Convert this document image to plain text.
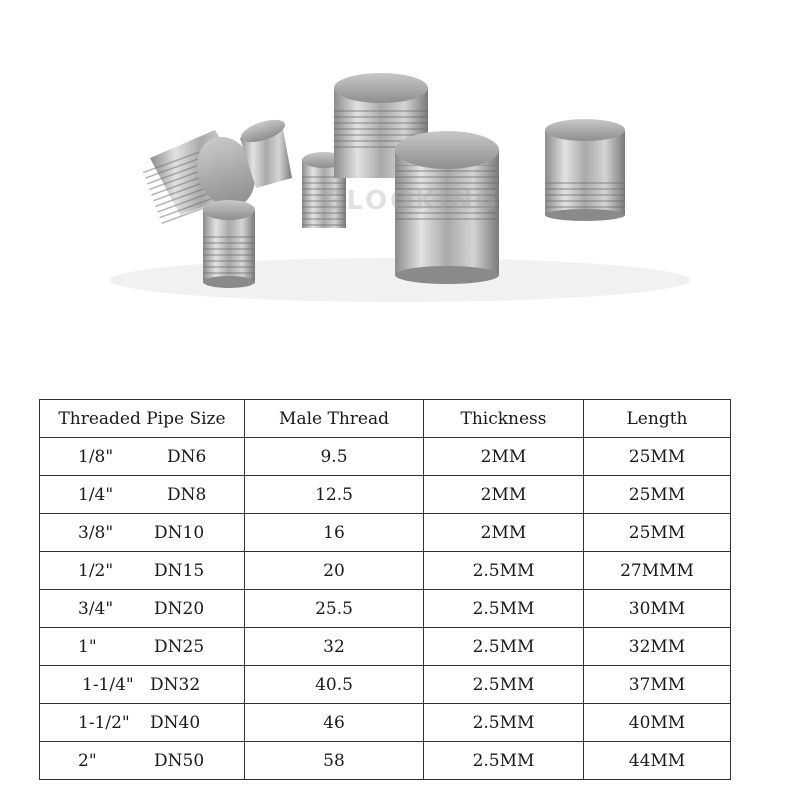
GLOOKING
Threaded Pipe Size	Male Thread	Thickness	Length

1/8" DN6	9.5	2MM	25MM

1/4" DN8	12.5	2MM	25MM

3/8" DN10	16	2MM	25MM

1/2" DN15	20	2.5MM	27MMM

3/4" DN20	25.5	2.5MM	30MM

1" DN25	32	2.5MM	32MM

1-1/4" DN32	40.5	2.5MM	37MM

1-1/2" DN40	46	2.5MM	40MM

2" DN50	58	2.5MM	44MM
